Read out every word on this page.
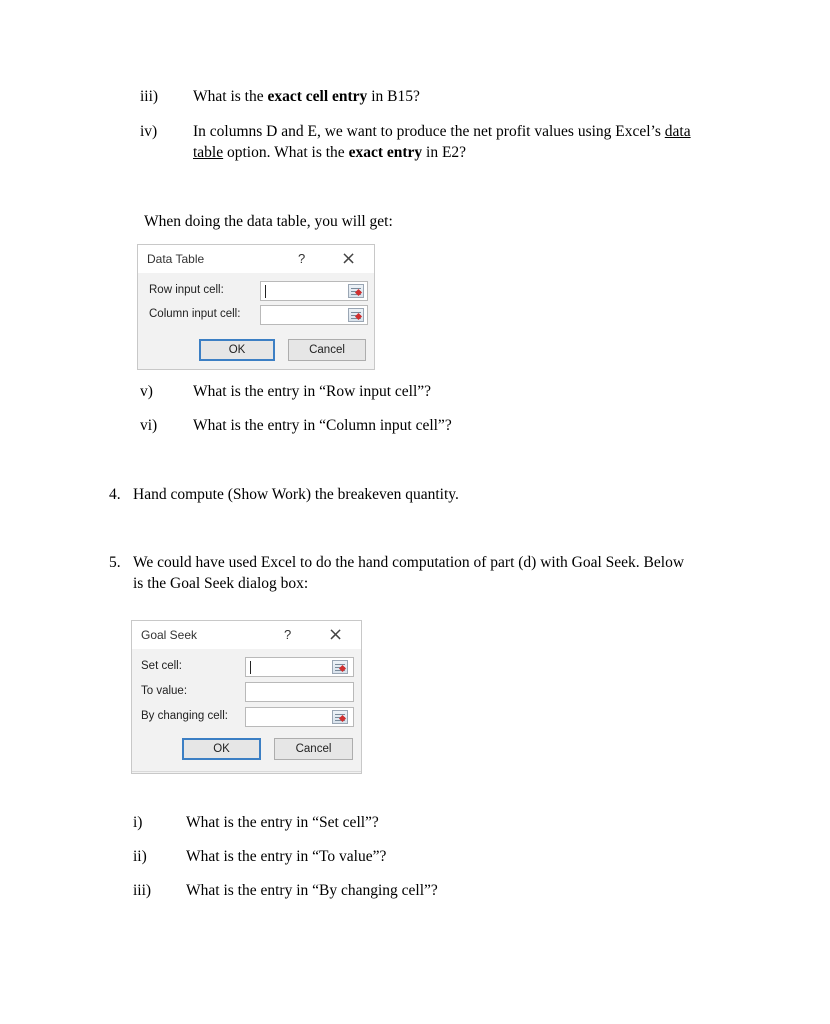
iii) What is the exact cell entry in B15?
iv) In columns D and E, we want to produce the net profit values using Excel’s data
table option. What is the exact entry in E2?
When doing the data table, you will get:
Data Table	? ×
Row input cell:
Column input cell:
OK	Cancel
v)	What is the entry in “Row input cell”?
vi) What is the entry in “Column input cell”?
4. Hand compute (Show Work) the breakeven quantity.
5. We could have used Excel to do the hand computation of part (d) with Goal Seek. Below
is the Goal Seek dialog box:
Goal Seek	? ×
Set cell:
To value:
By changing cell:
OK	Cancel
i)	What is the entry in “Set cell”?
ii)	What is the entry in “To value”?
iii) What is the entry in “By changing cell”?
